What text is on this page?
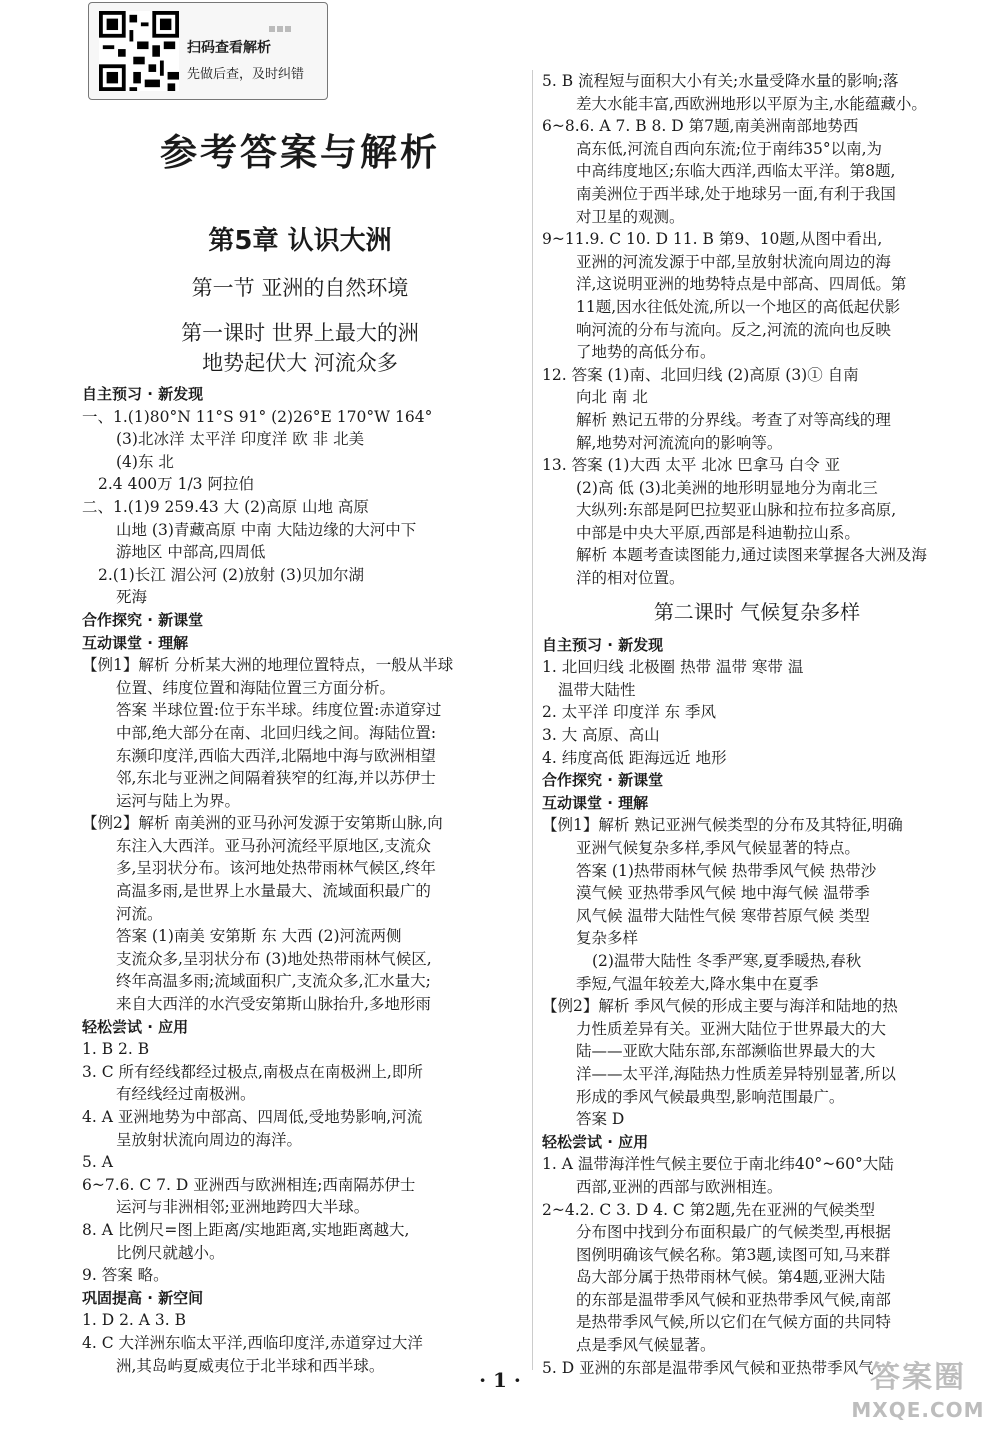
扫码查看解析
先做后查，及时纠错
参考答案与解析
第5章 认识大洲
第一节 亚洲的自然环境
第一课时 世界上最大的洲
地势起伏大 河流众多
自主预习 · 新发现
一、1.(1)80°N 11°S 91° (2)26°E 170°W 164°
(3)北冰洋 太平洋 印度洋 欧 非 北美
(4)东 北
2.4 400万 1/3 阿拉伯
二、1.(1)9 259.43 大 (2)高原 山地 高原
山地 (3)青藏高原 中南 大陆边缘的大河中下
游地区 中部高,四周低
2.(1)长江 湄公河 (2)放射 (3)贝加尔湖
死海
合作探究 · 新课堂
互动课堂 · 理解
【例1】解析 分析某大洲的地理位置特点，一般从半球
位置、纬度位置和海陆位置三方面分析。
答案 半球位置:位于东半球。纬度位置:赤道穿过
中部,绝大部分在南、北回归线之间。海陆位置:
东濒印度洋,西临大西洋,北隔地中海与欧洲相望
邻,东北与亚洲之间隔着狭窄的红海,并以苏伊士
运河与陆上为界。
【例2】解析 南美洲的亚马孙河发源于安第斯山脉,向
东注入大西洋。亚马孙河流经平原地区,支流众
多,呈羽状分布。该河地处热带雨林气候区,终年
高温多雨,是世界上水量最大、流域面积最广的
河流。
答案 (1)南美 安第斯 东 大西 (2)河流两侧
支流众多,呈羽状分布 (3)地处热带雨林气候区,
终年高温多雨;流域面积广,支流众多,汇水量大;
来自大西洋的水汽受安第斯山脉抬升,多地形雨
轻松尝试 · 应用
1. B 2. B
3. C 所有经线都经过极点,南极点在南极洲上,即所
有经线经过南极洲。
4. A 亚洲地势为中部高、四周低,受地势影响,河流
呈放射状流向周边的海洋。
5. A
6~7.6. C 7. D 亚洲西与欧洲相连;西南隔苏伊士
运河与非洲相邻;亚洲地跨四大半球。
8. A 比例尺=图上距离/实地距离,实地距离越大,
比例尺就越小。
9. 答案 略。
巩固提高 · 新空间
1. D 2. A 3. B
4. C 大洋洲东临太平洋,西临印度洋,赤道穿过大洋
洲,其岛屿夏威夷位于北半球和西半球。
5. B 流程短与面积大小有关;水量受降水量的影响;落
差大水能丰富,西欧洲地形以平原为主,水能蕴藏小。
6~8.6. A 7. B 8. D 第7题,南美洲南部地势西
高东低,河流自西向东流;位于南纬35°以南,为
中高纬度地区;东临大西洋,西临太平洋。第8题,
南美洲位于西半球,处于地球另一面,有利于我国
对卫星的观测。
9~11.9. C 10. D 11. B 第9、10题,从图中看出,
亚洲的河流发源于中部,呈放射状流向周边的海
洋,这说明亚洲的地势特点是中部高、四周低。第
11题,因水往低处流,所以一个地区的高低起伏影
响河流的分布与流向。反之,河流的流向也反映
了地势的高低分布。
12. 答案 (1)南、北回归线 (2)高原 (3)① 自南
向北 南 北
解析 熟记五带的分界线。考查了对等高线的理
解,地势对河流流向的影响等。
13. 答案 (1)大西 太平 北冰 巴拿马 白令 亚
(2)高 低 (3)北美洲的地形明显地分为南北三
大纵列:东部是阿巴拉契亚山脉和拉布拉多高原,
中部是中央大平原,西部是科迪勒拉山系。
解析 本题考查读图能力,通过读图来掌握各大洲及海
洋的相对位置。
第二课时 气候复杂多样
自主预习 · 新发现
1. 北回归线 北极圈 热带 温带 寒带 温
温带大陆性
2. 太平洋 印度洋 东 季风
3. 大 高原、高山
4. 纬度高低 距海远近 地形
合作探究 · 新课堂
互动课堂 · 理解
【例1】解析 熟记亚洲气候类型的分布及其特征,明确
亚洲气候复杂多样,季风气候显著的特点。
答案 (1)热带雨林气候 热带季风气候 热带沙
漠气候 亚热带季风气候 地中海气候 温带季
风气候 温带大陆性气候 寒带苔原气候 类型
复杂多样
(2)温带大陆性 冬季严寒,夏季暖热,春秋
季短,气温年较差大,降水集中在夏季
【例2】解析 季风气候的形成主要与海洋和陆地的热
力性质差异有关。亚洲大陆位于世界最大的大
陆——亚欧大陆东部,东部濒临世界最大的大
洋——太平洋,海陆热力性质差异特别显著,所以
形成的季风气候最典型,影响范围最广。
答案 D
轻松尝试 · 应用
1. A 温带海洋性气候主要位于南北纬40°~60°大陆
西部,亚洲的西部与欧洲相连。
2~4.2. C 3. D 4. C 第2题,先在亚洲的气候类型
分布图中找到分布面积最广的气候类型,再根据
图例明确该气候名称。第3题,读图可知,马来群
岛大部分属于热带雨林气候。第4题,亚洲大陆
的东部是温带季风气候和亚热带季风气候,南部
是热带季风气候,所以它们在气候方面的共同特
点是季风气候显著。
5. D 亚洲的东部是温带季风气候和亚热带季风气
· 1 ·	答案圈
MXQE.COM
